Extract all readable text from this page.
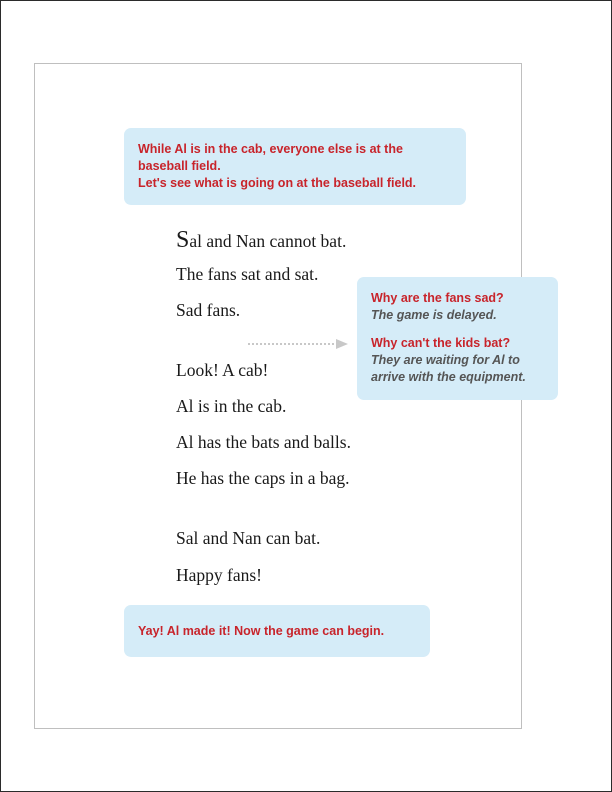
While Al is in the cab, everyone else is at the
baseball field.
Let's see what is going on at the baseball field.
Sal and Nan cannot bat.
The fans sat and sat.
Sad fans.
Look! A cab!
Al is in the cab.
Al has the bats and balls.
He has the caps in a bag.
Sal and Nan can bat.
Happy fans!
Why are the fans sad?
The game is delayed.
Why can't the kids bat?
They are waiting for Al to
arrive with the equipment.
Yay! Al made it! Now the game can begin.
